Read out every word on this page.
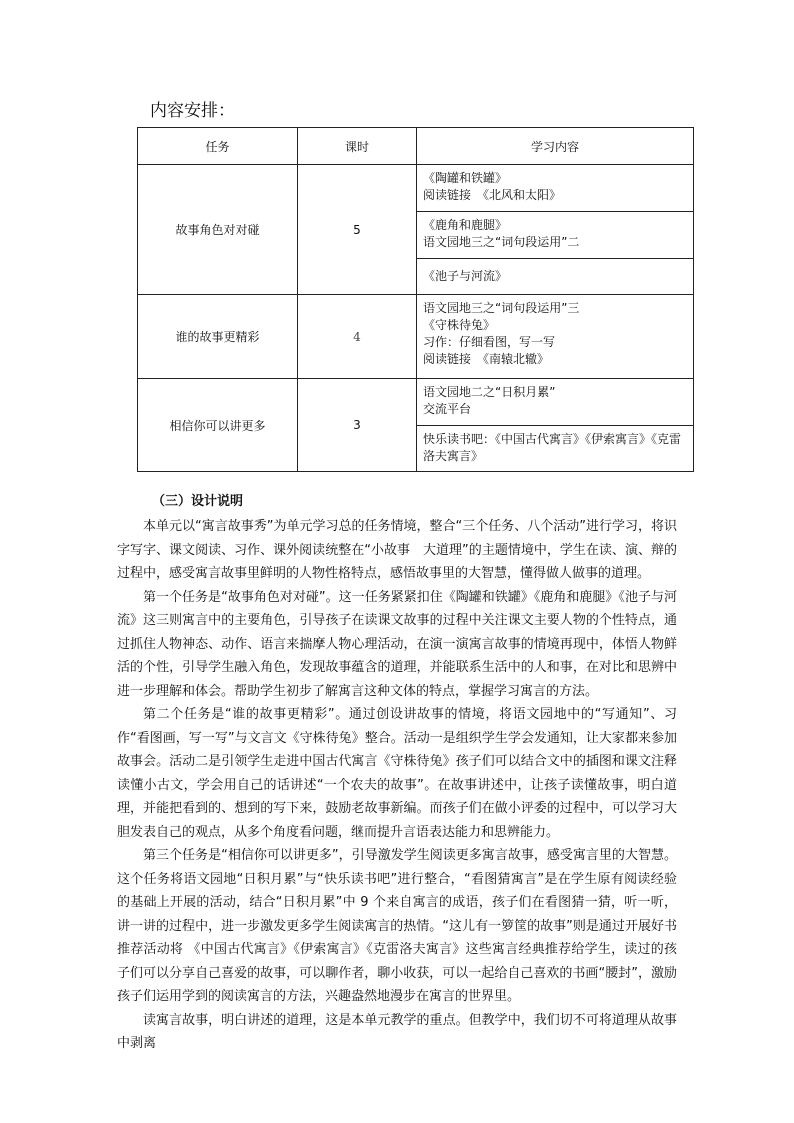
内容安排：
任务	课时	学习内容
故事角色对对碰	5	《陶罐和铁罐》
阅读链接　《北风和太阳》

		《鹿角和鹿腿》
语文园地三之“词句段运用”二

		《池子与河流》

谁的故事更精彩	4	语文园地三之“词句段运用”三
《守株待兔》
习作：仔细看图，写一写
阅读链接　《南辕北辙》

相信你可以讲更多	3	语文园地二之“日积月累”
交流平台

		快乐读书吧：《中国古代寓言》《伊索寓言》《克雷洛夫寓言》
（三）设计说明

本单元以“寓言故事秀”为单元学习总的任务情境，整合“三个任务、八个活动”进行学习，将识字写字、课文阅读、习作、课外阅读统整在“小故事　大道理”的主题情境中，学生在读、演、辩的过程中，感受寓言故事里鲜明的人物性格特点，感悟故事里的大智慧，懂得做人做事的道理。

第一个任务是“故事角色对对碰”。这一任务紧紧扣住《陶罐和铁罐》《鹿角和鹿腿》《池子与河流》这三则寓言中的主要角色，引导孩子在读课文故事的过程中关注课文主要人物的个性特点，通过抓住人物神态、动作、语言来揣摩人物心理活动，在演一演寓言故事的情境再现中，体悟人物鲜活的个性，引导学生融入角色，发现故事蕴含的道理，并能联系生活中的人和事，在对比和思辨中进一步理解和体会。帮助学生初步了解寓言这种文体的特点，掌握学习寓言的方法。

第二个任务是“谁的故事更精彩”。通过创设讲故事的情境，将语文园地中的“写通知”、习作“看图画，写一写”与文言文《守株待兔》整合。活动一是组织学生学会发通知，让大家都来参加故事会。活动二是引领学生走进中国古代寓言《守株待兔》孩子们可以结合文中的插图和课文注释读懂小古文，学会用自己的话讲述“一个农夫的故事”。在故事讲述中，让孩子读懂故事，明白道理，并能把看到的、想到的写下来，鼓励老故事新编。而孩子们在做小评委的过程中，可以学习大胆发表自己的观点，从多个角度看问题，继而提升言语表达能力和思辨能力。

第三个任务是“相信你可以讲更多”，引导激发学生阅读更多寓言故事，感受寓言里的大智慧。 这个任务将语文园地“日积月累”与“快乐读书吧”进行整合，“看图猜寓言”是在学生原有阅读经验的基础上开展的活动，结合“日积月累”中 9 个来自寓言的成语，孩子们在看图猜一猜，听一听，讲一讲的过程中，进一步激发更多学生阅读寓言的热情。“这儿有一箩筐的故事”则是通过开展好书推荐活动将 《中国古代寓言》《伊索寓言》《克雷洛夫寓言》这些寓言经典推荐给学生，读过的孩子们可以分享自己喜爱的故事，可以聊作者，聊小收获，可以一起给自己喜欢的书画“腰封”，激励孩子们运用学到的阅读寓言的方法，兴趣盎然地漫步在寓言的世界里。

读寓言故事，明白讲述的道理，这是本单元教学的重点。但教学中，我们切不可将道理从故事中剥离
